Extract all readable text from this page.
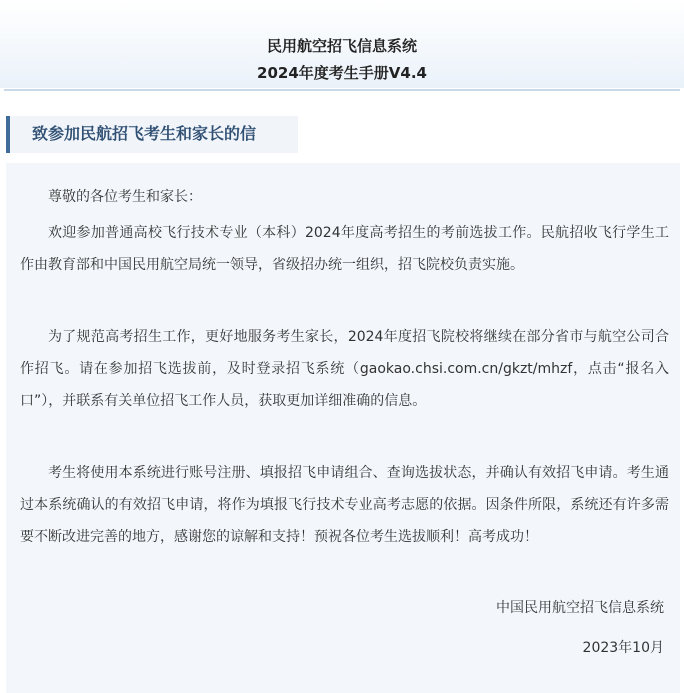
民用航空招飞信息系统
2024年度考生手册V4.4
致参加民航招飞考生和家长的信

尊敬的各位考生和家长：

欢迎参加普通高校飞行技术专业（本科）2024年度高考招生的考前选拔工作。民航招收飞行学生工作由教育部和中国民用航空局统一领导，省级招办统一组织，招飞院校负责实施。

为了规范高考招生工作，更好地服务考生家长，2024年度招飞院校将继续在部分省市与航空公司合作招飞。请在参加招飞选拔前，及时登录招飞系统（gaokao.chsi.com.cn/gkzt/mhzf，点击“报名入口”），并联系有关单位招飞工作人员，获取更加详细准确的信息。

考生将使用本系统进行账号注册、填报招飞申请组合、查询选拔状态，并确认有效招飞申请。考生通过本系统确认的有效招飞申请，将作为填报飞行技术专业高考志愿的依据。因条件所限，系统还有许多需要不断改进完善的地方，感谢您的谅解和支持！预祝各位考生选拔顺利！高考成功！

中国民用航空招飞信息系统
2023年10月
